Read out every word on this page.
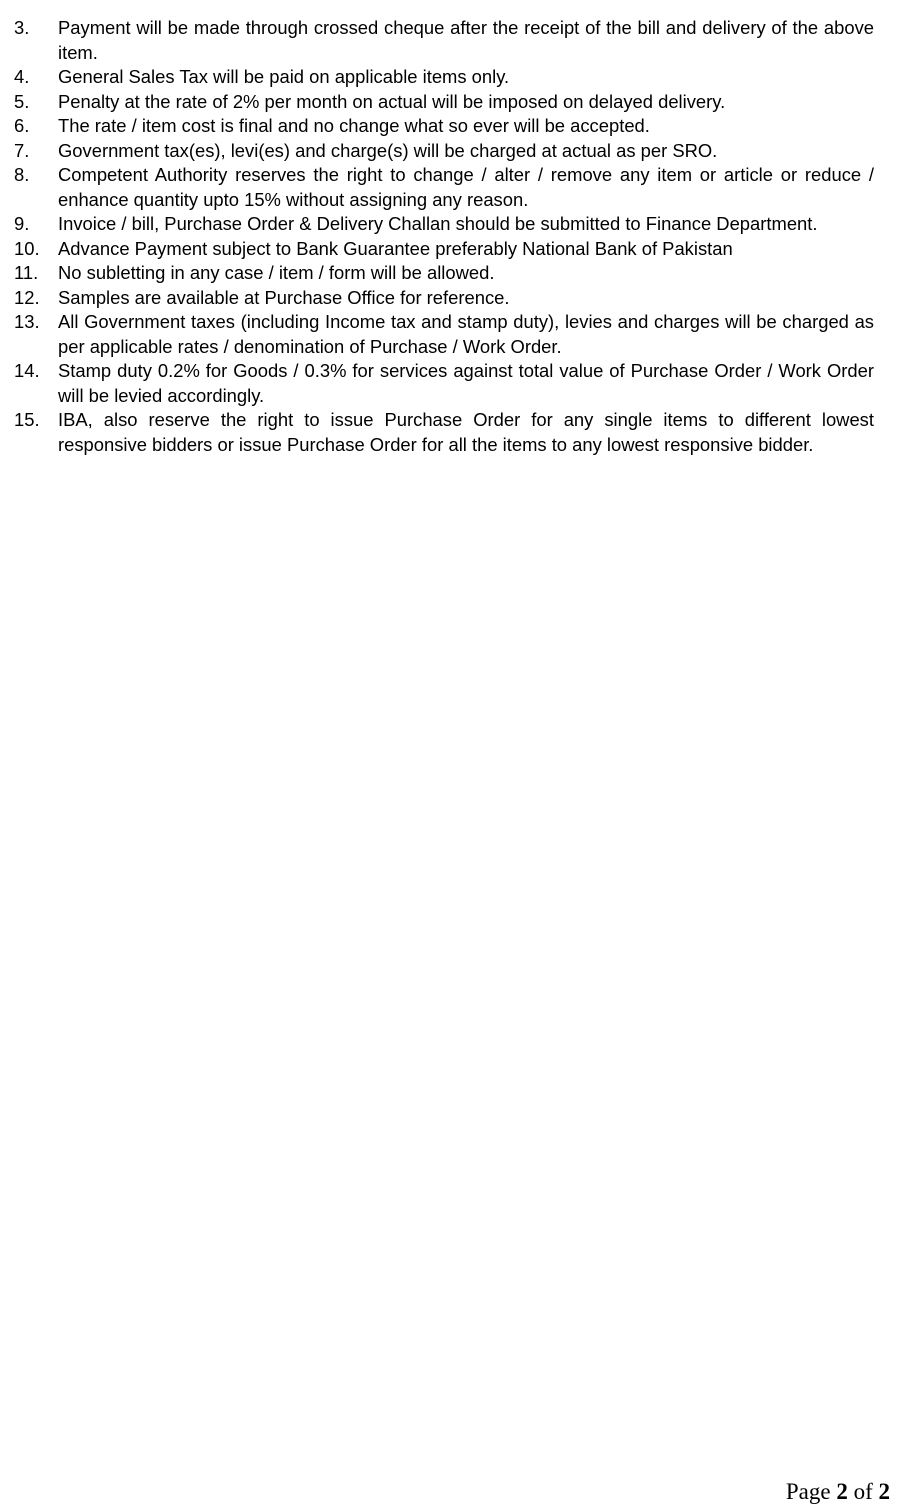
3.	Payment will be made through crossed cheque after the receipt of the bill and delivery of the above item.
4.	General Sales Tax will be paid on applicable items only.
5.	Penalty at the rate of 2% per month on actual will be imposed on delayed delivery.
6.	The rate / item cost is final and no change what so ever will be accepted.
7.	Government tax(es), levi(es) and charge(s) will be charged at actual as per SRO.
8.	Competent Authority reserves the right to change / alter / remove any item or article or reduce / enhance quantity upto 15% without assigning any reason.
9.	Invoice / bill, Purchase Order & Delivery Challan should be submitted to Finance Department.
10.	Advance Payment subject to Bank Guarantee preferably National Bank of Pakistan
11.	No subletting in any case / item / form will be allowed.
12.	Samples are available at Purchase Office for reference.
13.	All Government taxes (including Income tax and stamp duty), levies and charges will be charged as per applicable rates / denomination of Purchase / Work Order.
14.	Stamp duty 0.2% for Goods / 0.3% for services against total value of Purchase Order / Work Order will be levied accordingly.
15.	IBA, also reserve the right to issue Purchase Order for any single items to different lowest responsive bidders or issue Purchase Order for all the items to any lowest responsive bidder.
Page 2 of 2
